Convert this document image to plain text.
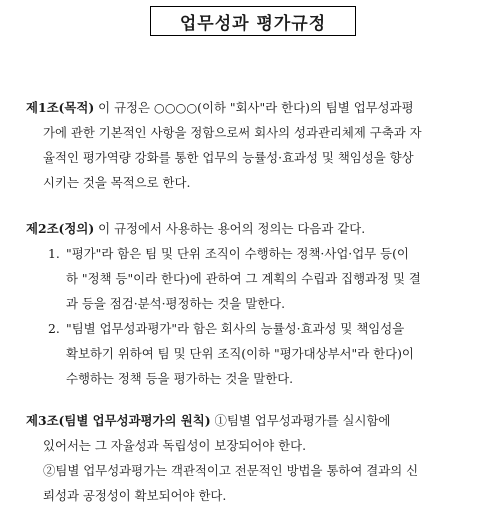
업무성과 평가규정
제1조(목적) 이 규정은 ○○○○(이하 "회사"라 한다)의 팀별 업무성과평
가에 관한 기본적인 사항을 정함으로써 회사의 성과관리체제 구축과 자
율적인 평가역량 강화를 통한 업무의 능률성·효과성 및 책임성을 향상
시키는 것을 목적으로 한다.
제2조(정의) 이 규정에서 사용하는 용어의 정의는 다음과 같다.
1. "평가"라 함은 팀 및 단위 조직이 수행하는 정책·사업·업무 등(이
하 "정책 등"이라 한다)에 관하여 그 계획의 수립과 집행과정 및 결
과 등을 점검·분석·평정하는 것을 말한다.
2. "팀별 업무성과평가"라 함은 회사의 능률성·효과성 및 책임성을
확보하기 위하여 팀 및 단위 조직(이하 "평가대상부서"라 한다)이
수행하는 정책 등을 평가하는 것을 말한다.
제3조(팀별 업무성과평가의 원칙) ①팀별 업무성과평가를 실시함에
있어서는 그 자율성과 독립성이 보장되어야 한다.
②팀별 업무성과평가는 객관적이고 전문적인 방법을 통하여 결과의 신
뢰성과 공정성이 확보되어야 한다.
